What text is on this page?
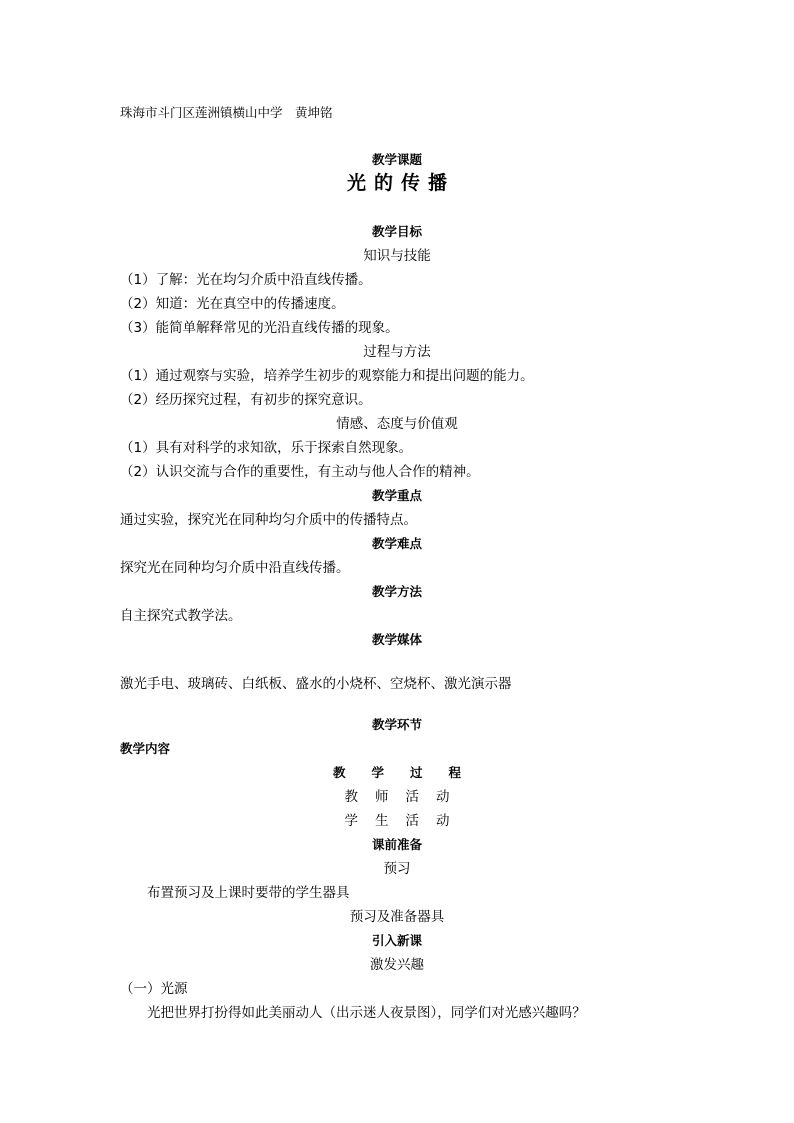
珠海市斗门区莲洲镇横山中学　黄坤铭
教学课题
光的传播
教学目标
知识与技能
（1）了解：光在均匀介质中沿直线传播。
（2）知道：光在真空中的传播速度。
（3）能简单解释常见的光沿直线传播的现象。
过程与方法
（1）通过观察与实验，培养学生初步的观察能力和提出问题的能力。
（2）经历探究过程，有初步的探究意识。
情感、态度与价值观
（1）具有对科学的求知欲，乐于探索自然现象。
（2）认识交流与合作的重要性，有主动与他人合作的精神。
教学重点
通过实验，探究光在同种均匀介质中的传播特点。
教学难点
探究光在同种均匀介质中沿直线传播。
教学方法
自主探究式教学法。
教学媒体
激光手电、玻璃砖、白纸板、盛水的小烧杯、空烧杯、激光演示器
教学环节
教学内容
教学过程
教师活动
学生活动
课前准备
预习
布置预习及上课时要带的学生器具
预习及准备器具
引入新课
激发兴趣
（一）光源
光把世界打扮得如此美丽动人（出示迷人夜景图），同学们对光感兴趣吗？
